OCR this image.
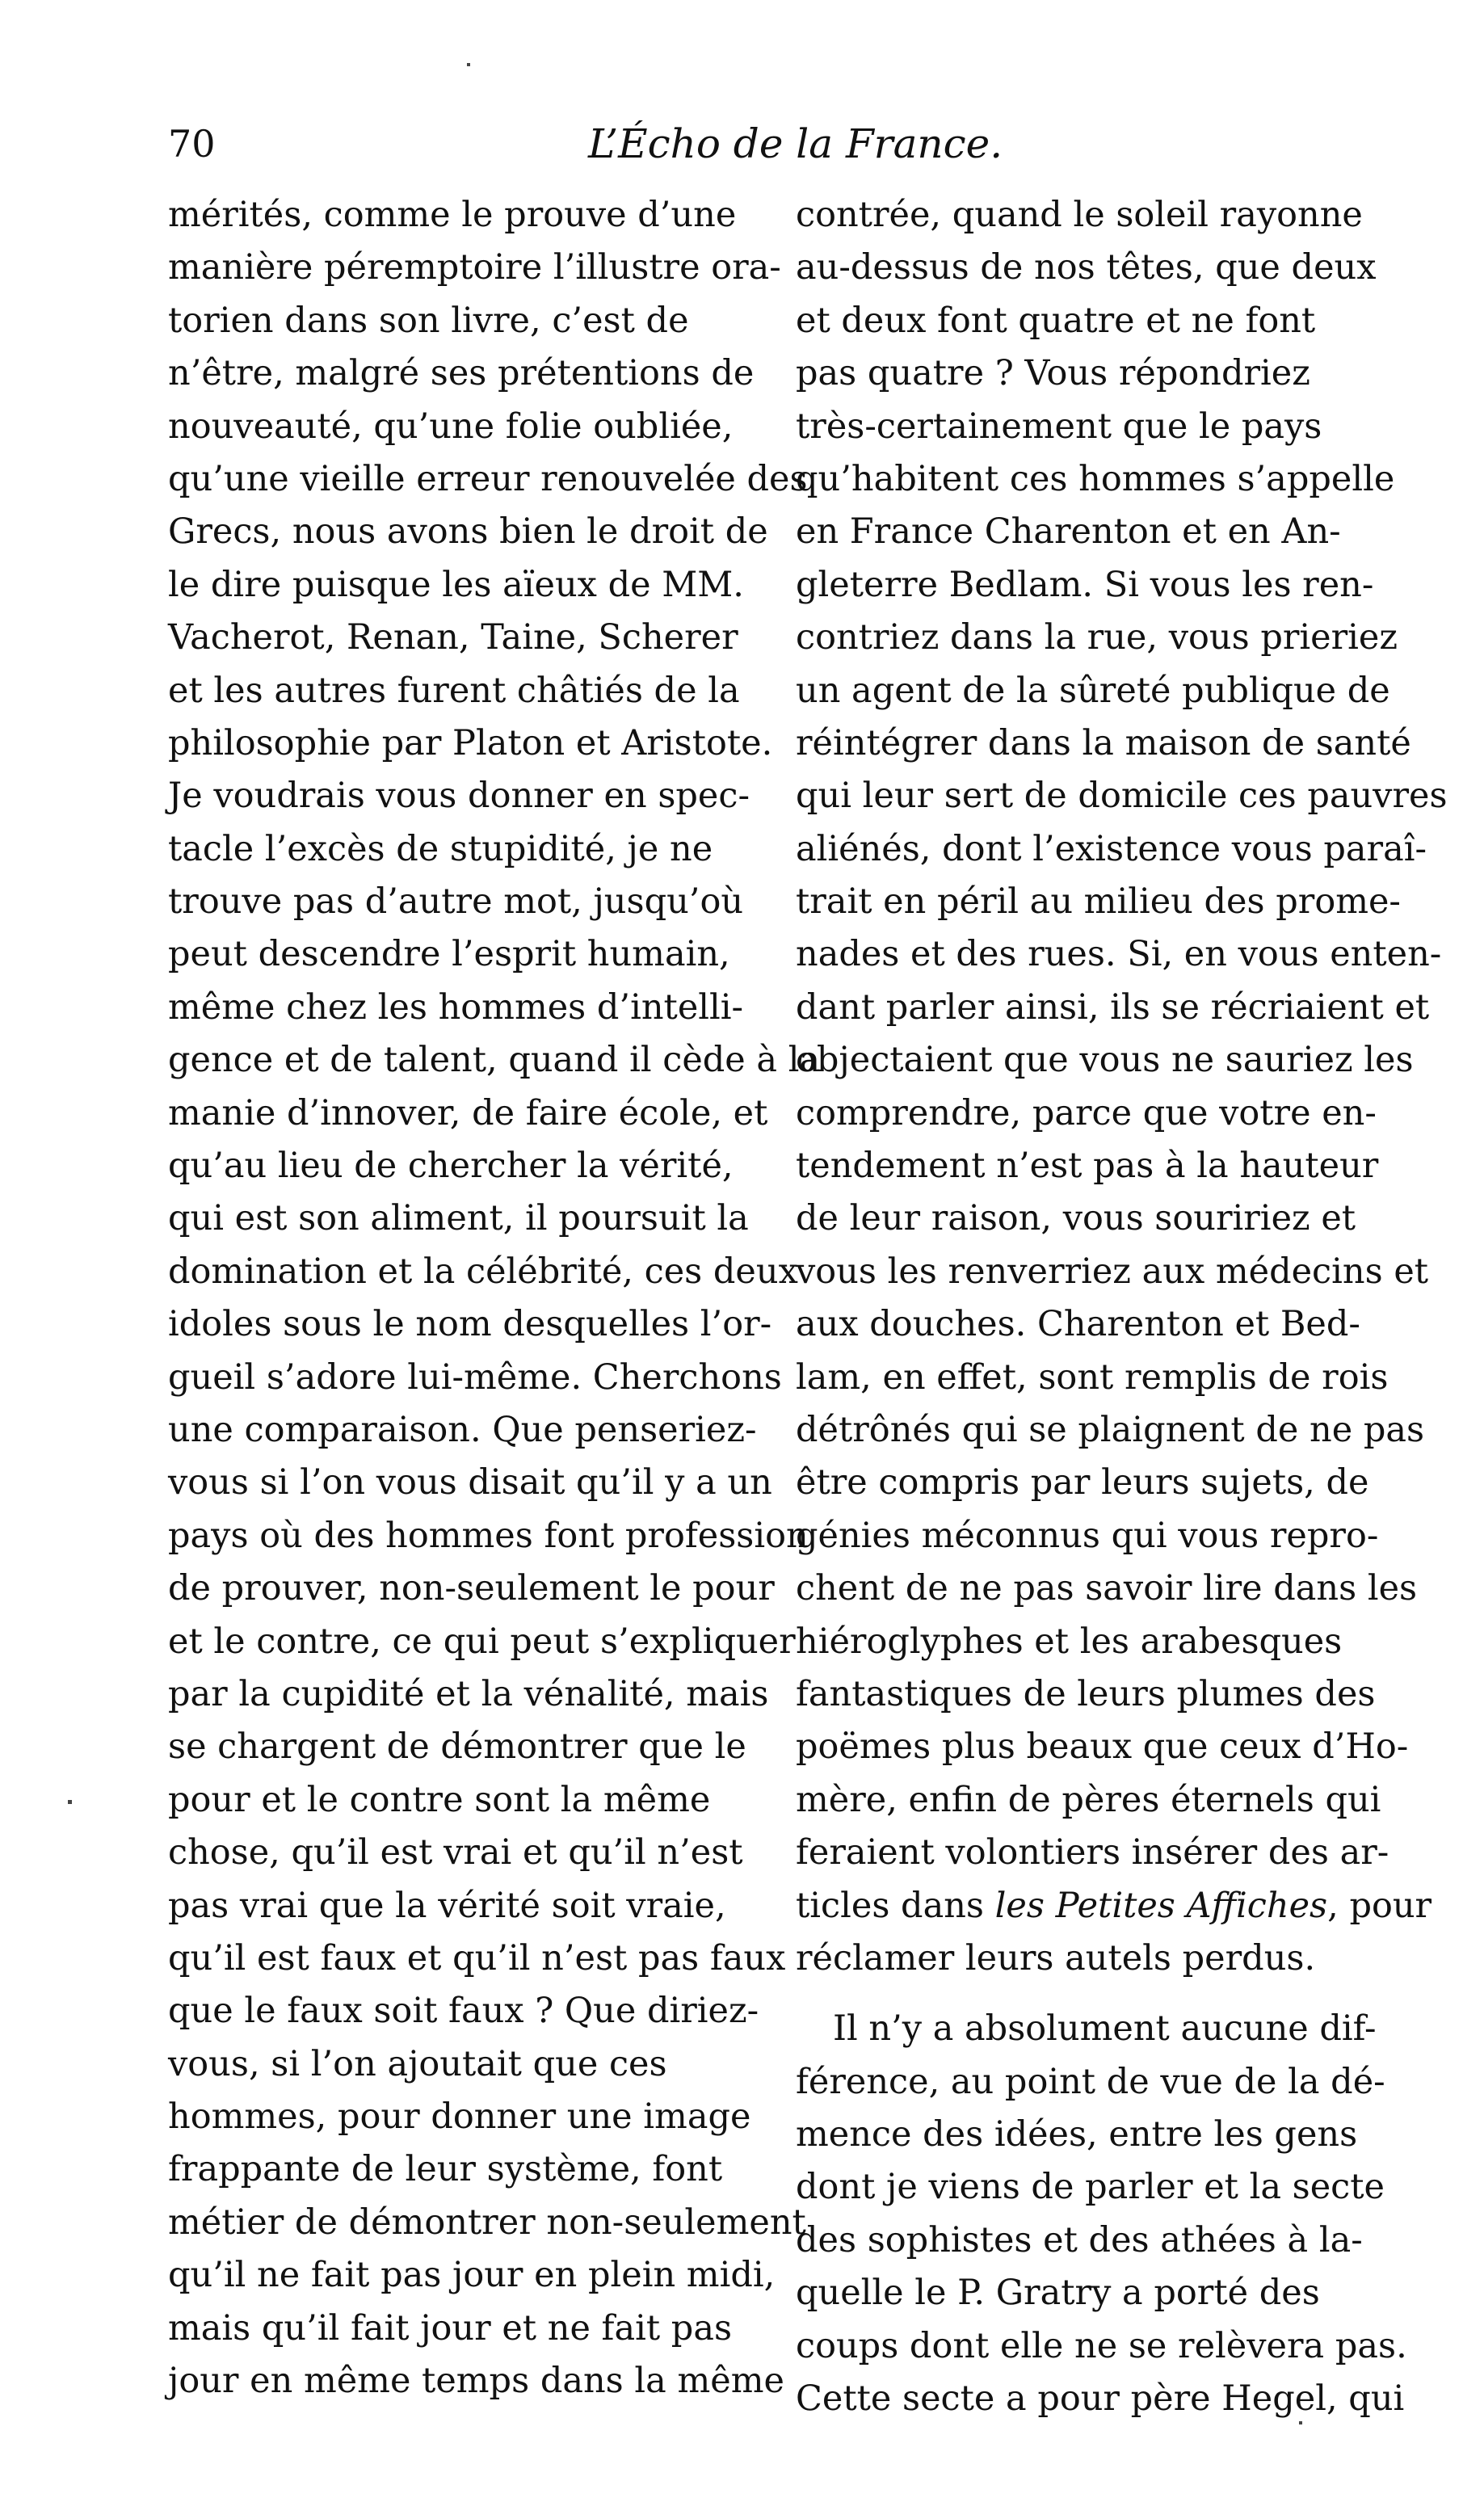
70	L’Écho de la France.
mérités, comme le prouve d’une
manière péremptoire l’illustre ora-
torien dans son livre, c’est de
n’être, malgré ses prétentions de
nouveauté, qu’une folie oubliée,
qu’une vieille erreur renouvelée des
Grecs, nous avons bien le droit de
le dire puisque les aïeux de MM.
Vacherot, Renan, Taine, Scherer
et les autres furent châtiés de la
philosophie par Platon et Aristote.
Je voudrais vous donner en spec-
tacle l’excès de stupidité, je ne
trouve pas d’autre mot, jusqu’où
peut descendre l’esprit humain,
même chez les hommes d’intelli-
gence et de talent, quand il cède à la
manie d’innover, de faire école, et
qu’au lieu de chercher la vérité,
qui est son aliment, il poursuit la
domination et la célébrité, ces deux
idoles sous le nom desquelles l’or-
gueil s’adore lui-même. Cherchons
une comparaison. Que penseriez-
vous si l’on vous disait qu’il y a un
pays où des hommes font profession
de prouver, non-seulement le pour
et le contre, ce qui peut s’expliquer
par la cupidité et la vénalité, mais
se chargent de démontrer que le
pour et le contre sont la même
chose, qu’il est vrai et qu’il n’est
pas vrai que la vérité soit vraie,
qu’il est faux et qu’il n’est pas faux
que le faux soit faux ? Que diriez-
vous, si l’on ajoutait que ces
hommes, pour donner une image
frappante de leur système, font
métier de démontrer non-seulement
qu’il ne fait pas jour en plein midi,
mais qu’il fait jour et ne fait pas
jour en même temps dans la même
contrée, quand le soleil rayonne
au-dessus de nos têtes, que deux
et deux font quatre et ne font
pas quatre ? Vous répondriez
très-certainement que le pays
qu’habitent ces hommes s’appelle
en France Charenton et en An-
gleterre Bedlam. Si vous les ren-
contriez dans la rue, vous prieriez
un agent de la sûreté publique de
réintégrer dans la maison de santé
qui leur sert de domicile ces pauvres
aliénés, dont l’existence vous paraî-
trait en péril au milieu des prome-
nades et des rues. Si, en vous enten-
dant parler ainsi, ils se récriaient et
objectaient que vous ne sauriez les
comprendre, parce que votre en-
tendement n’est pas à la hauteur
de leur raison, vous souririez et
vous les renverriez aux médecins et
aux douches. Charenton et Bed-
lam, en effet, sont remplis de rois
détrônés qui se plaignent de ne pas
être compris par leurs sujets, de
génies méconnus qui vous repro-
chent de ne pas savoir lire dans les
hiéroglyphes et les arabesques
fantastiques de leurs plumes des
poëmes plus beaux que ceux d’Ho-
mère, enfin de pères éternels qui
feraient volontiers insérer des ar-
ticles dans les Petites Affiches, pour
réclamer leurs autels perdus.
Il n’y a absolument aucune dif-
férence, au point de vue de la dé-
mence des idées, entre les gens
dont je viens de parler et la secte
des sophistes et des athées à la-
quelle le P. Gratry a porté des
coups dont elle ne se relèvera pas.
Cette secte a pour père Hegel, qui
